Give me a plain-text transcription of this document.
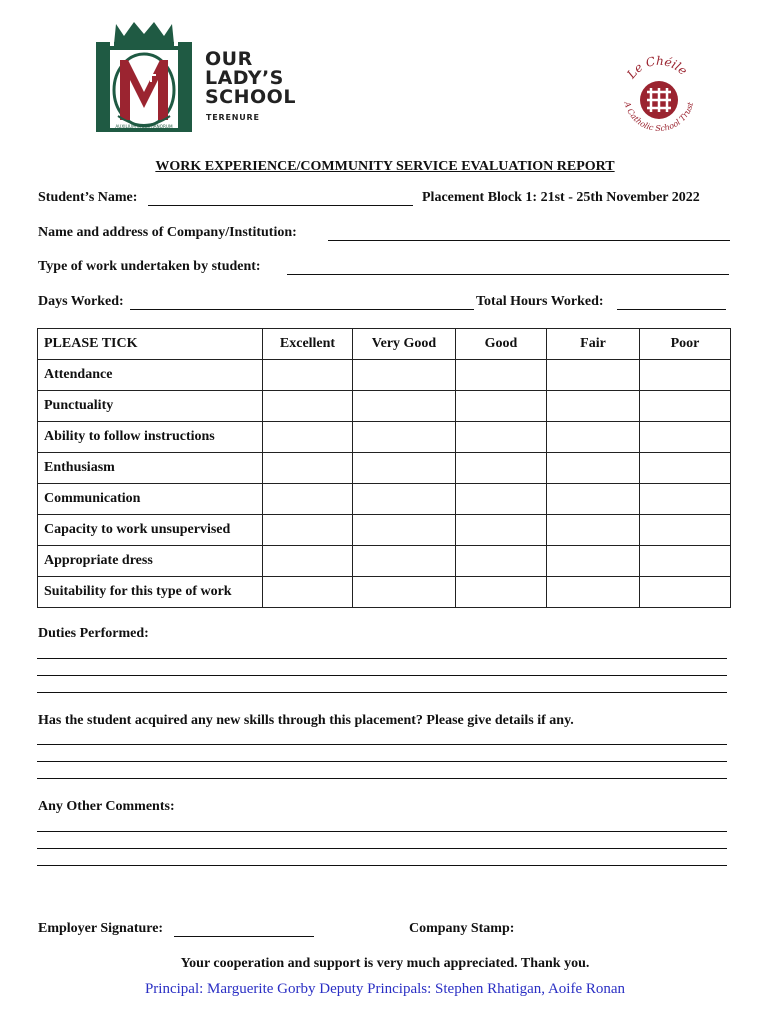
AUXILIUM CHRISTIANORUM
OUR
LADY’S
SCHOOL
TERENURE
Le Chéile
A Catholic School Trust
WORK EXPERIENCE/COMMUNITY SERVICE EVALUATION REPORT
Student’s Name:	Placement Block 1: 21st - 25th November 2022
Name and address of Company/Institution:
Type of work undertaken by student:
Days Worked:	Total Hours Worked:
PLEASE TICK	Excellent	Very Good	Good	Fair	Poor
Attendance					
Punctuality					
Ability to follow instructions					
Enthusiasm					
Communication					
Capacity to work unsupervised					
Appropriate dress					
Suitability for this type of work					
Duties Performed:
Has the student acquired any new skills through this placement? Please give details if any.
Any Other Comments:
Employer Signature:	Company Stamp:
Your cooperation and support is very much appreciated. Thank you.
Principal: Marguerite Gorby Deputy Principals: Stephen Rhatigan, Aoife Ronan
